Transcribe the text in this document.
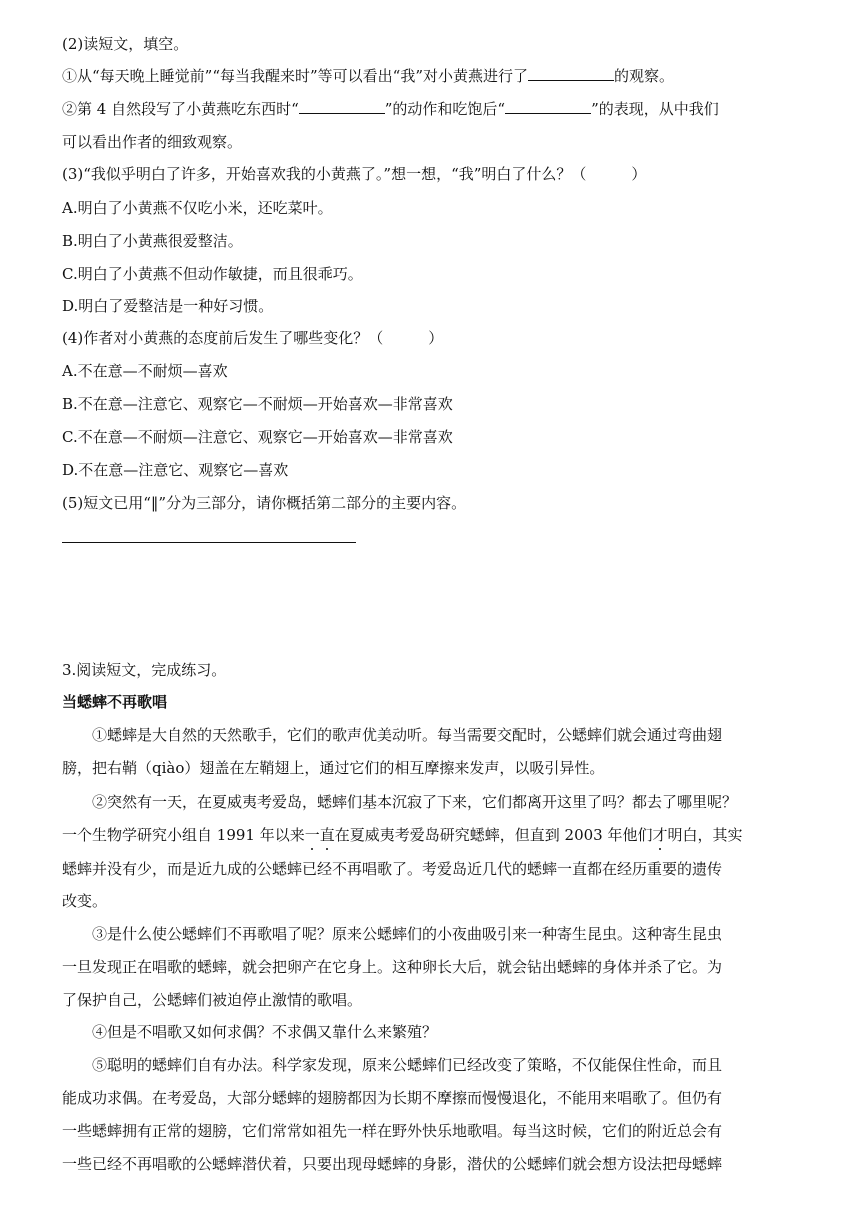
(2)读短文，填空。
①从“每天晚上睡觉前”“每当我醒来时”等可以看出“我”对小黄燕进行了	的观察。
②第 4 自然段写了小黄燕吃东西时“	”的动作和吃饱后“	”的表现，从中我们
可以看出作者的细致观察。
(3)“我似乎明白了许多，开始喜欢我的小黄燕了。”想一想，“我”明白了什么？（　　　）
A.明白了小黄燕不仅吃小米，还吃菜叶。
B.明白了小黄燕很爱整洁。
C.明白了小黄燕不但动作敏捷，而且很乖巧。
D.明白了爱整洁是一种好习惯。
(4)作者对小黄燕的态度前后发生了哪些变化？（　　　）
A.不在意—不耐烦—喜欢
B.不在意—注意它、观察它—不耐烦—开始喜欢—非常喜欢
C.不在意—不耐烦—注意它、观察它—开始喜欢—非常喜欢
D.不在意—注意它、观察它—喜欢
(5)短文已用“‖”分为三部分，请你概括第二部分的主要内容。
3.阅读短文，完成练习。
当蟋蟀不再歌唱
①蟋蟀是大自然的天然歌手，它们的歌声优美动听。每当需要交配时，公蟋蟀们就会通过弯曲翅
膀，把右鞘（qiào）翅盖在左鞘翅上，通过它们的相互摩擦来发声，以吸引异性。
②突然有一天，在夏威夷考爱岛，蟋蟀们基本沉寂了下来，它们都离开这里了吗？都去了哪里呢？
一个生物学研究小组自 1991 年以来一直在夏威夷考爱岛研究蟋蟀，但直到 2003 年他们才明白，其实
蟋蟀并没有少，而是近九成的公蟋蟀已经不再唱歌了。考爱岛近几代的蟋蟀一直都在经历重要的遗传
改变。
③是什么使公蟋蟀们不再歌唱了呢？原来公蟋蟀们的小夜曲吸引来一种寄生昆虫。这种寄生昆虫
一旦发现正在唱歌的蟋蟀，就会把卵产在它身上。这种卵长大后，就会钻出蟋蟀的身体并杀了它。为
了保护自己，公蟋蟀们被迫停止激情的歌唱。
④但是不唱歌又如何求偶？不求偶又靠什么来繁殖？
⑤聪明的蟋蟀们自有办法。科学家发现，原来公蟋蟀们已经改变了策略，不仅能保住性命，而且
能成功求偶。在考爱岛，大部分蟋蟀的翅膀都因为长期不摩擦而慢慢退化，不能用来唱歌了。但仍有
一些蟋蟀拥有正常的翅膀，它们常常如祖先一样在野外快乐地歌唱。每当这时候，它们的附近总会有
一些已经不再唱歌的公蟋蟀潜伏着，只要出现母蟋蟀的身影，潜伏的公蟋蟀们就会想方设法把母蟋蟀
